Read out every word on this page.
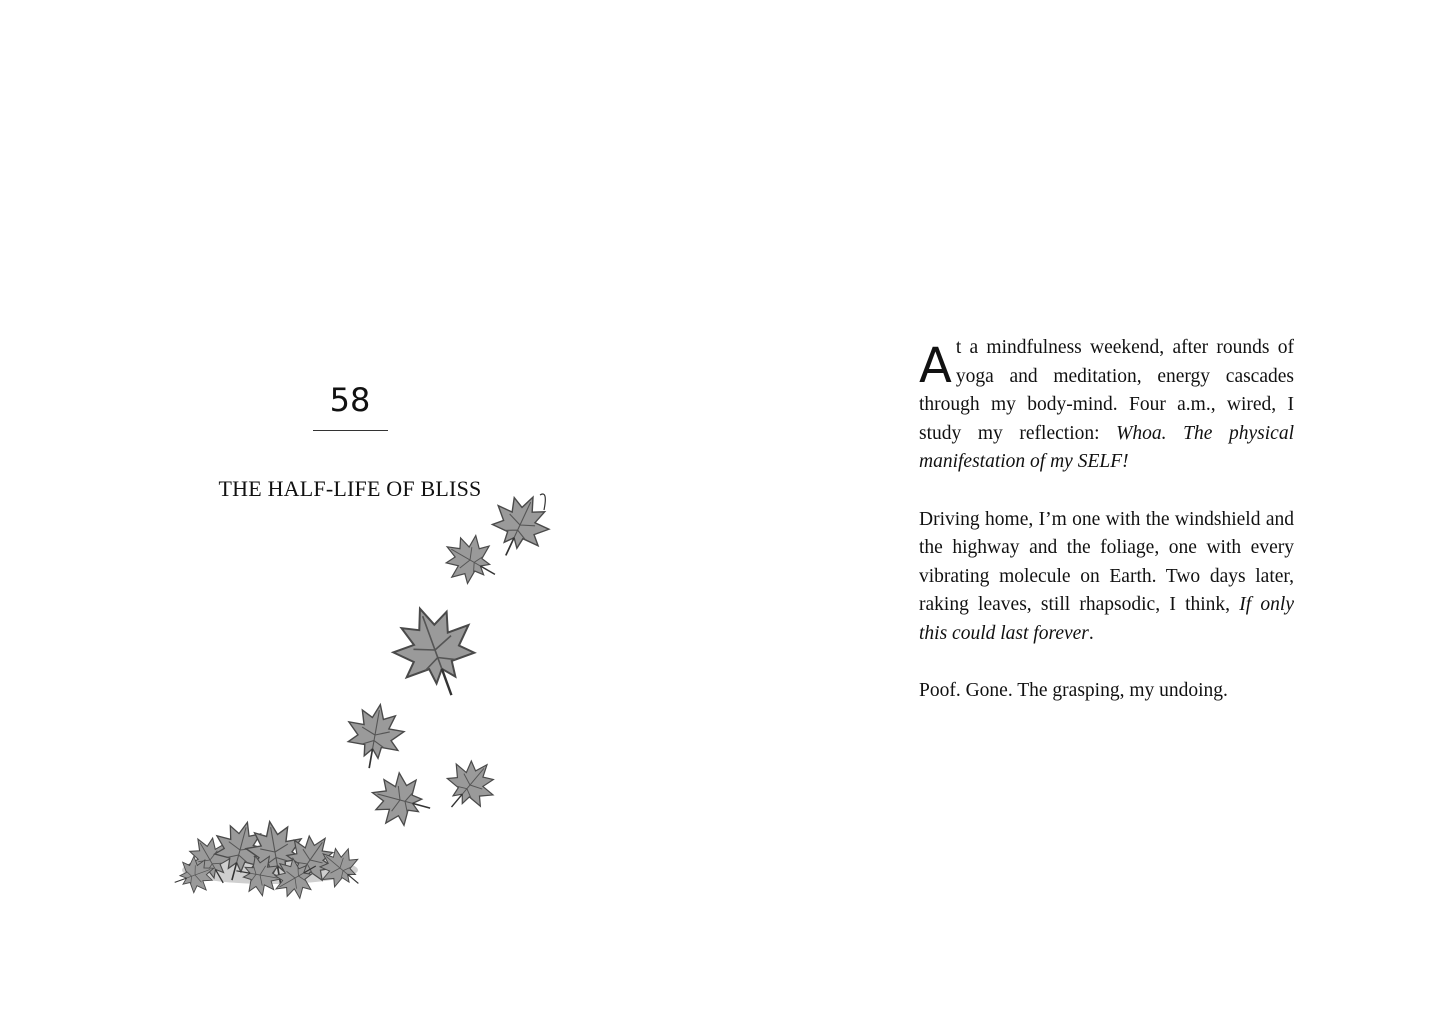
58
THE HALF-LIFE OF BLISS

At a mindfulness weekend, after rounds of yoga and meditation, energy cascades through my body-mind. Four a.m., wired, I study my reflection: Whoa. The physical manifestation of my SELF!

Driving home, I’m one with the windshield and the highway and the foliage, one with every vibrating molecule on Earth. Two days later, raking leaves, still rhapsodic, I think, If only this could last forever.

Poof. Gone. The grasping, my undoing.
